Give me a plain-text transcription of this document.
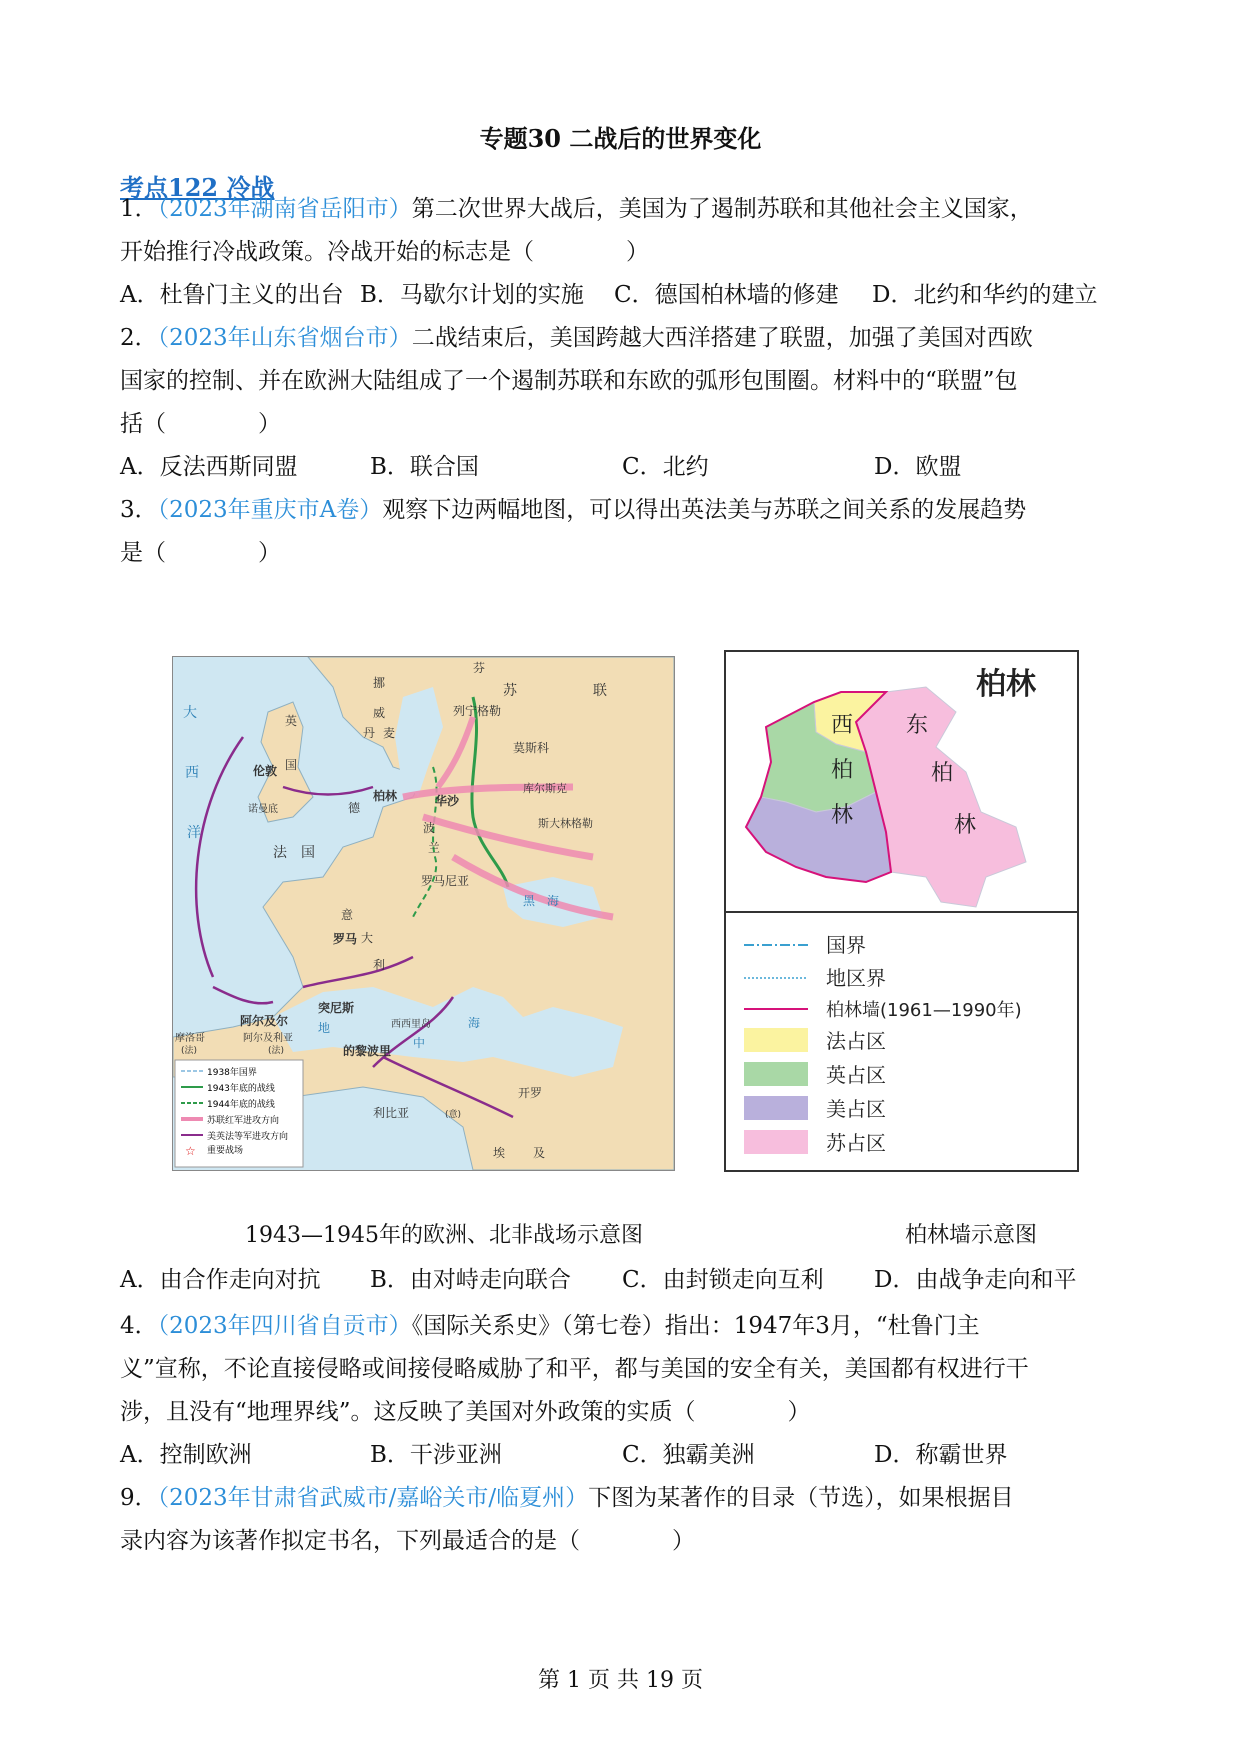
专题30 二战后的世界变化
考点122 冷战
1．（2023年湖南省岳阳市）第二次世界大战后，美国为了遏制苏联和其他社会主义国家，
开始推行冷战政策。冷战开始的标志是（　　　　）
A．杜鲁门主义的出台 B．马歇尔计划的实施 C．德国柏林墙的修建 D．北约和华约的建立
2．（2023年山东省烟台市）二战结束后，美国跨越大西洋搭建了联盟，加强了美国对西欧
国家的控制、并在欧洲大陆组成了一个遏制苏联和东欧的弧形包围圈。材料中的“联盟”包
括（　　　　）
A．反法西斯同盟	B．联合国	C．北约	D．欧盟
3．（2023年重庆市A卷）观察下边两幅地图，可以得出英法美与苏联之间关系的发展趋势
是（　　　　）
大
西
洋
芬
苏	联
挪
威
英
国
丹 麦
德
法　国
波
兰
意
大
利
黑　海
地
中
海
埃 及
列宁格勒
莫斯科
柏林	华沙
伦敦
诺曼底
库尔斯克
斯大林格勒
罗马尼亚
罗马
突尼斯
阿尔及尔
的黎波里
西西里岛
开罗
摩洛哥	阿尔及利亚
利比亚
(法)	(法)
(意)
1938年国界
1943年底的战线
1944年底的战线
苏联红军进攻方向
美英法等军进攻方向
☆ 重要战场
柏林
西
柏
林
东
柏
林
国界
地区界
柏林墙(1961—1990年)
法占区
英占区
美占区
苏占区
1943—1945年的欧洲、北非战场示意图	柏林墙示意图
A．由合作走向对抗 B．由对峙走向联合 C．由封锁走向互利 D．由战争走向和平
4．（2023年四川省自贡市）《国际关系史》（第七卷）指出：1947年3月，“杜鲁门主
义”宣称，不论直接侵略或间接侵略威胁了和平，都与美国的安全有关，美国都有权进行干
涉，且没有“地理界线”。这反映了美国对外政策的实质（　　　　）
A．控制欧洲	B．干涉亚洲	C．独霸美洲	D．称霸世界
9．（2023年甘肃省武威市/嘉峪关市/临夏州）下图为某著作的目录（节选），如果根据目
录内容为该著作拟定书名，下列最适合的是（　　　　）
第 1 页 共 19 页
